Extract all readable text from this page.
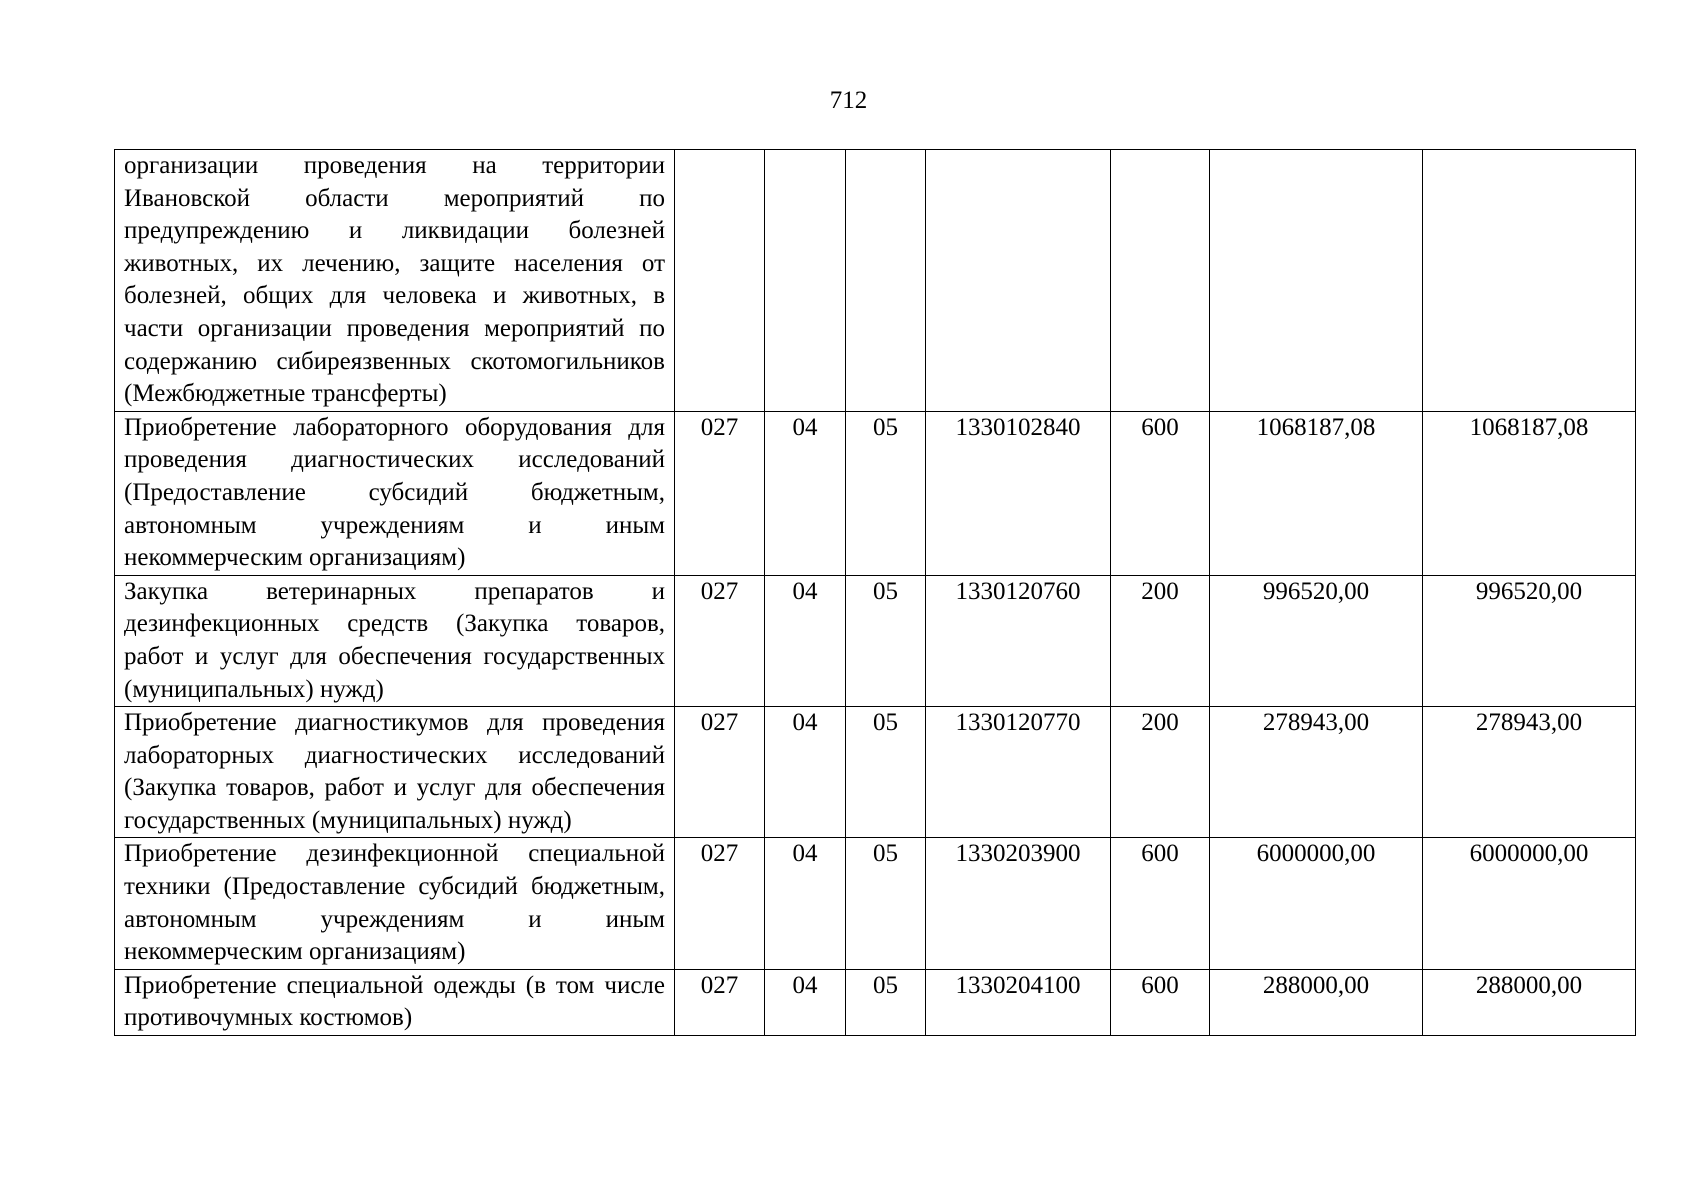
712
организации проведения на территории Ивановской области мероприятий по предупреждению и ликвидации болезней животных, их лечению, защите населения от болезней, общих для человека и животных, в части организации проведения мероприятий по содержанию сибиреязвенных скотомогильников (Межбюджетные трансферты)							
Приобретение лабораторного оборудования для проведения диагностических исследований (Предоставление субсидий бюджетным, автономным учреждениям и иным некоммерческим организациям)	027	04	05	1330102840	600	1068187,08	1068187,08
Закупка ветеринарных препаратов и дезинфекционных средств (Закупка товаров, работ и услуг для обеспечения государственных (муниципальных) нужд)	027	04	05	1330120760	200	996520,00	996520,00
Приобретение диагностикумов для проведения лабораторных диагностических исследований (Закупка товаров, работ и услуг для обеспечения государственных (муниципальных) нужд)	027	04	05	1330120770	200	278943,00	278943,00
Приобретение дезинфекционной специальной техники (Предоставление субсидий бюджетным, автономным учреждениям и иным некоммерческим организациям)	027	04	05	1330203900	600	6000000,00	6000000,00

Приобретение специальной одежды (в том числе противочумных костюмов)	027	04	05	1330204100	600	288000,00	288000,00
